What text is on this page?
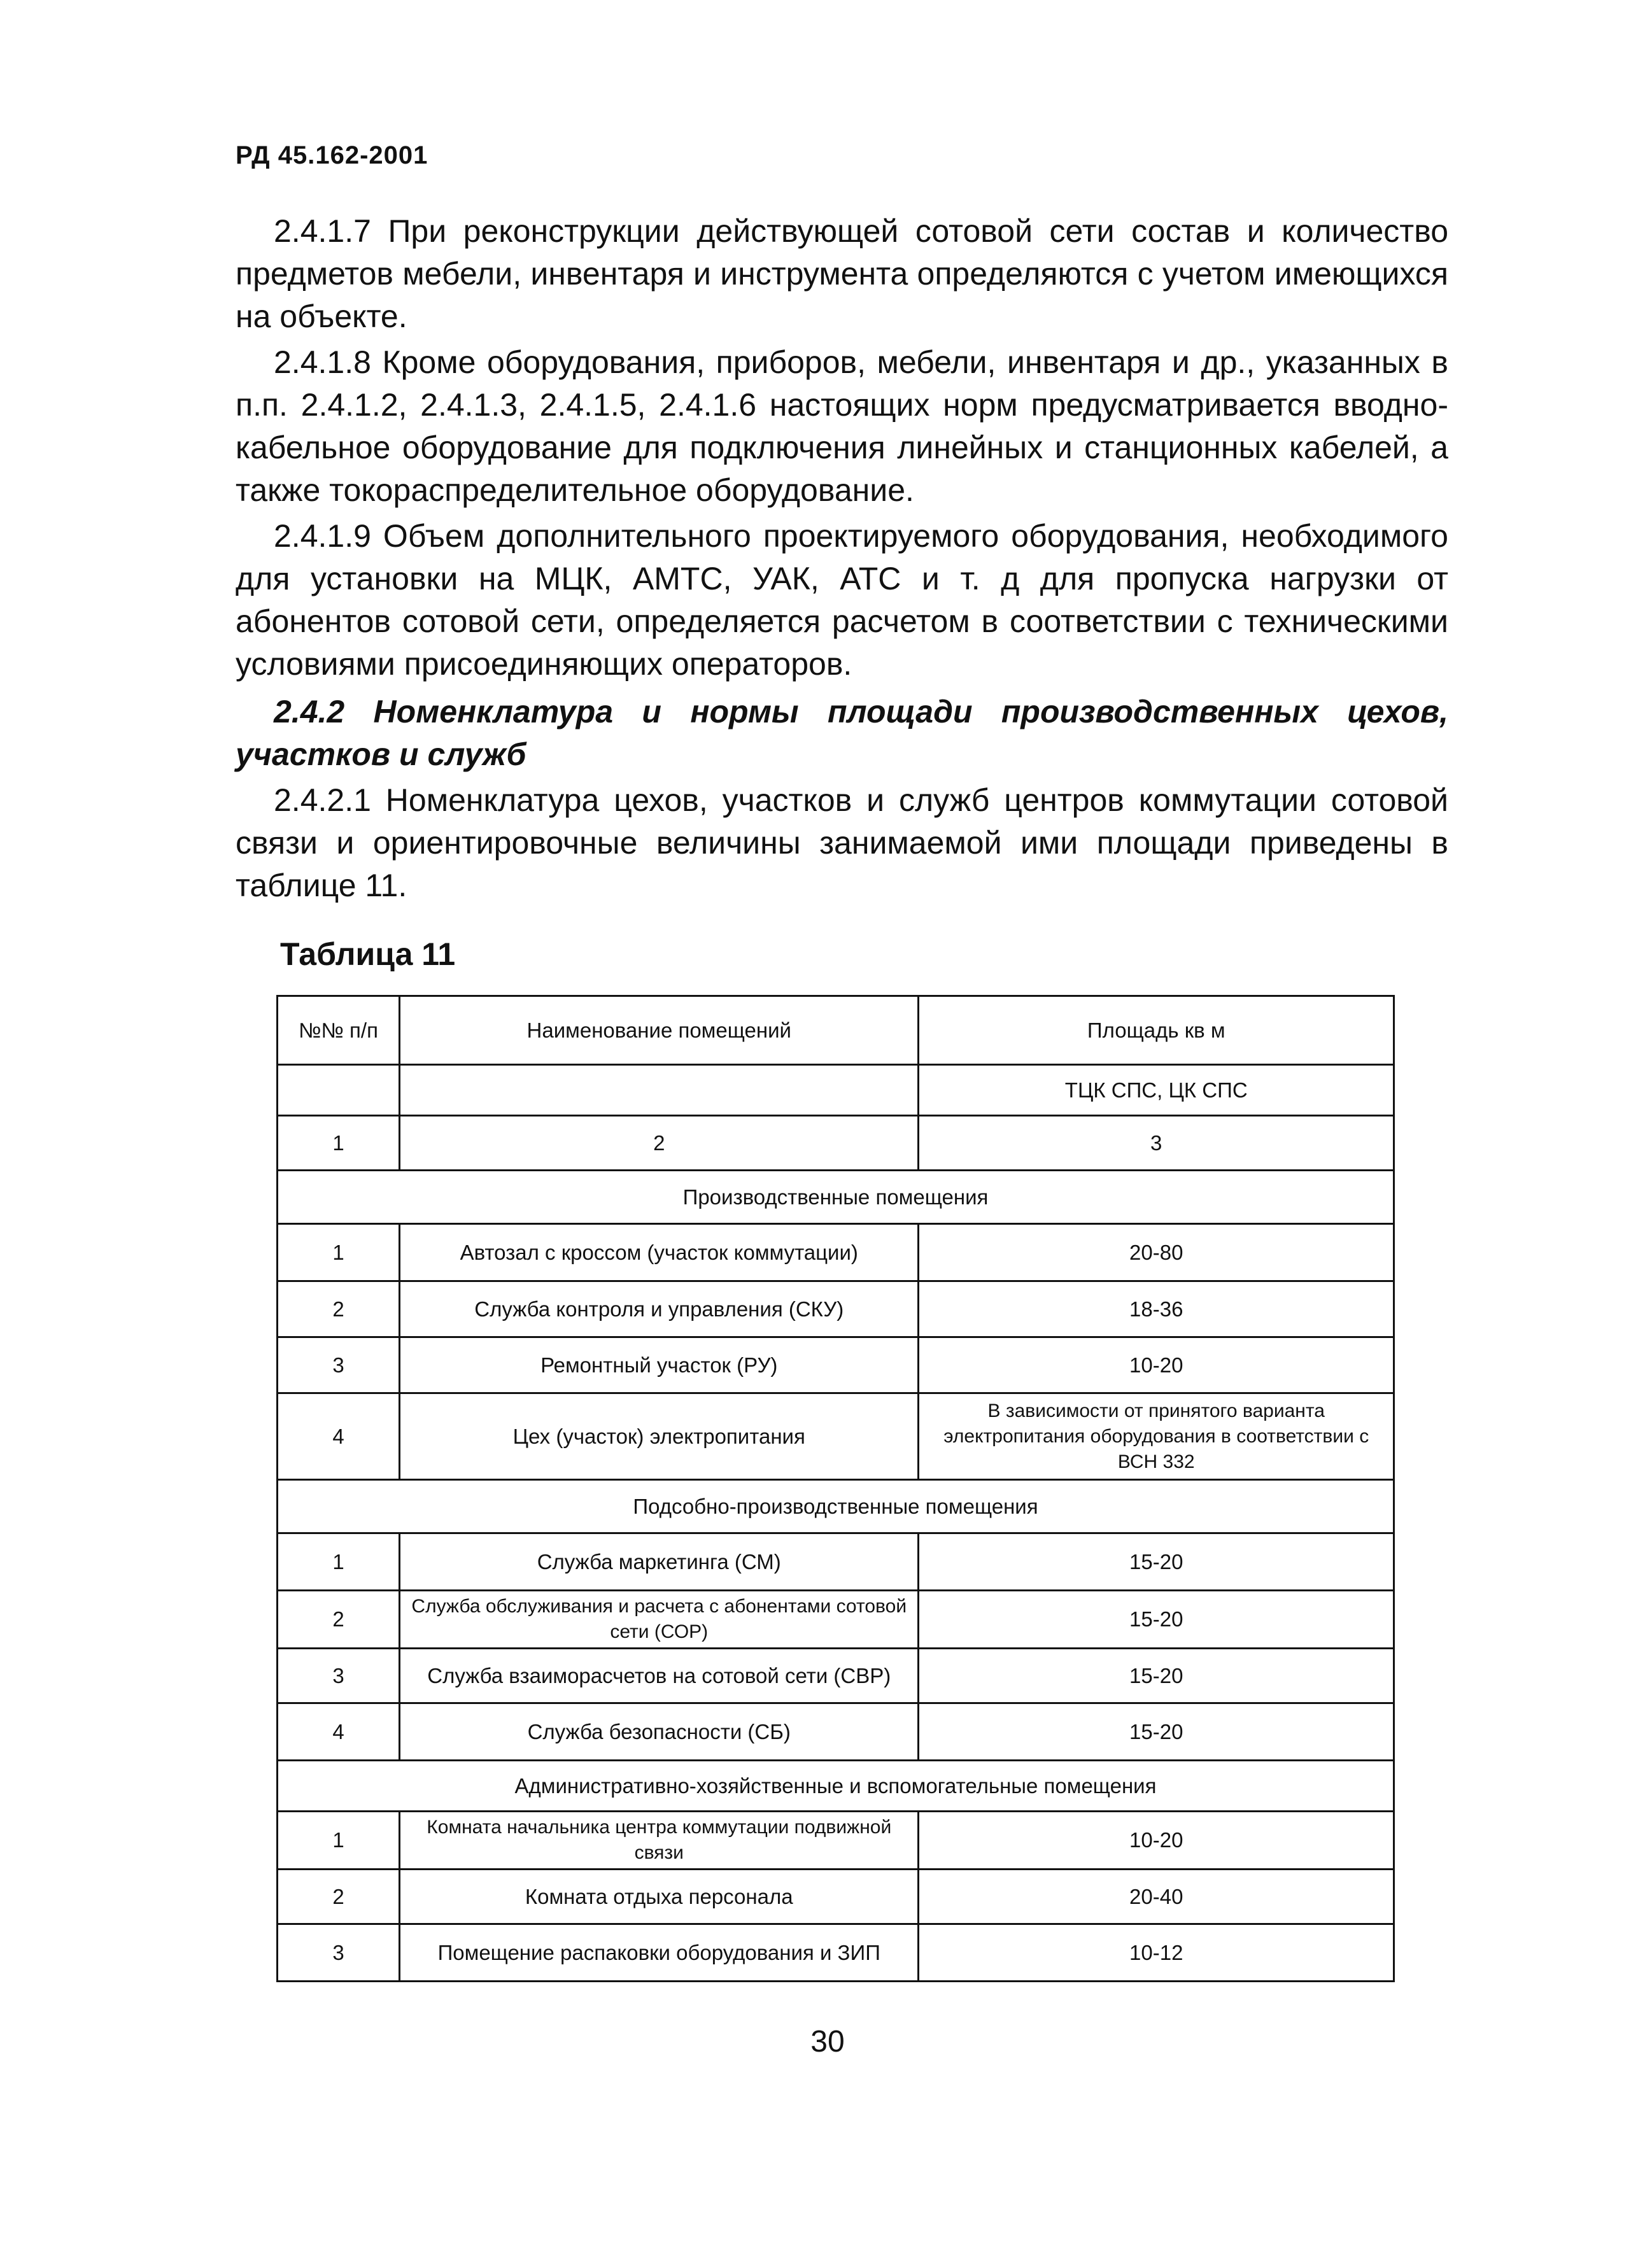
РД 45.162-2001

2.4.1.7 При реконструкции действующей сотовой сети состав и количество предметов мебели, инвентаря и инструмента определяются с учетом имеющихся на объекте.

2.4.1.8 Кроме оборудования, приборов, мебели, инвентаря и др., указанных в п.п. 2.4.1.2, 2.4.1.3, 2.4.1.5, 2.4.1.6 настоящих норм предусматривается вводно-кабельное оборудование для подключения линейных и станционных кабелей, а также токораспределительное оборудование.

2.4.1.9 Объем дополнительного проектируемого оборудования, необходимого для установки на МЦК, АМТС, УАК, АТС и т. д для пропуска нагрузки от абонентов сотовой сети, определяется расчетом в соответствии с техническими условиями присоединяющих операторов.

2.4.2 Номенклатура и нормы площади производственных цехов, участков и служб

2.4.2.1 Номенклатура цехов, участков и служб центров коммутации сотовой связи и ориентировочные величины занимаемой ими площади приведены в таблице 11.

Таблица 11
№№ п/п	Наименование помещений	Площадь кв м
		ТЦК СПС, ЦК СПС
1	2	3
Производственные помещения		
1	Автозал с кроссом (участок коммутации)	20-80
2	Служба контроля и управления (СКУ)	18-36
3	Ремонтный участок (РУ)	10-20
4	Цех (участок) электропитания	В зависимости от принятого варианта электропитания оборудования в соответствии с ВСН 332
Подсобно-производственные помещения		
1	Служба маркетинга (СМ)	15-20
2	Служба обслуживания и расчета с абонентами сотовой сети (СОР)	15-20
3	Служба взаиморасчетов на сотовой сети (СВР)	15-20
4	Служба безопасности (СБ)	15-20
Административно-хозяйственные и вспомогательные помещения		
1	Комната начальника центра коммутации подвижной связи	10-20
2	Комната отдыха персонала	20-40
3	Помещение распаковки оборудования и ЗИП	10-12
30
